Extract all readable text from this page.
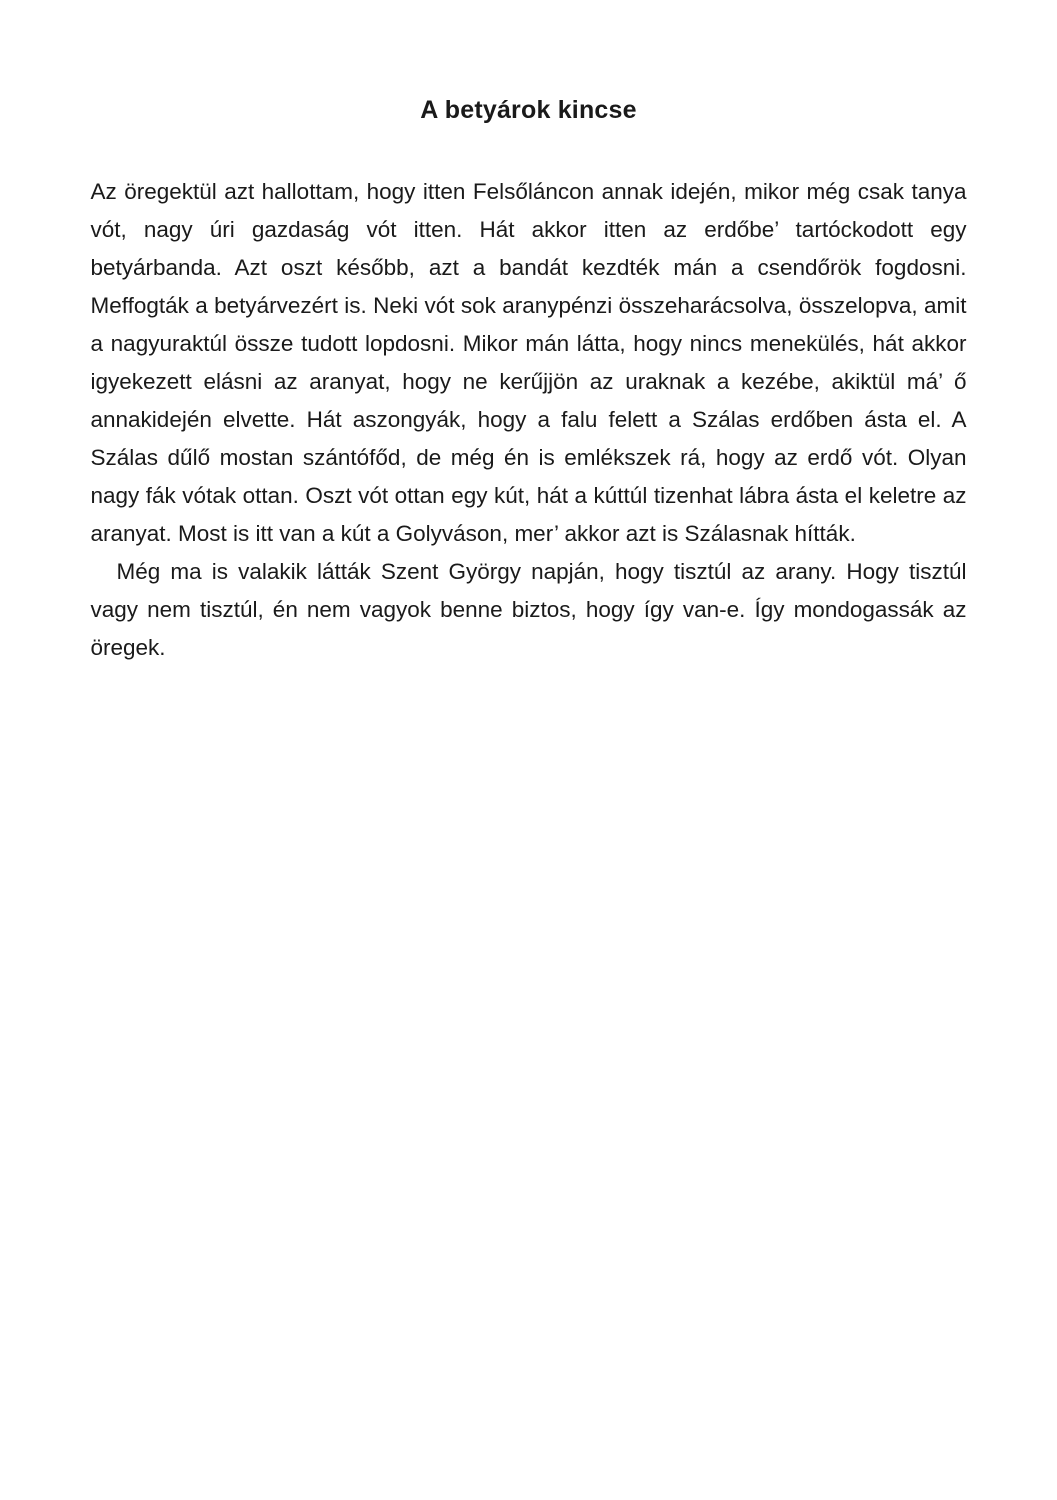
A betyárok kincse

Az öregektül azt hallottam, hogy itten Felsőláncon annak idején, mikor még csak tanya vót, nagy úri gazdaság vót itten. Hát akkor itten az erdőbe’ tartóckodott egy betyárbanda. Azt oszt később, azt a bandát kezdték mán a csendőrök fogdosni. Meffogták a betyárvezért is. Neki vót sok aranypénzi összeharácsolva, összelopva, amit a nagyuraktúl össze tudott lopdosni. Mikor mán látta, hogy nincs menekülés, hát akkor igyekezett elásni az aranyat, hogy ne kerűjjön az uraknak a kezébe, akiktül má’ ő annakidején elvette. Hát aszongyák, hogy a falu felett a Szálas erdőben ásta el. A Szálas dűlő mostan szántófőd, de még én is emlékszek rá, hogy az erdő vót. Olyan nagy fák vótak ottan. Oszt vót ottan egy kút, hát a kúttúl tizenhat lábra ásta el keletre az aranyat. Most is itt van a kút a Golyváson, mer’ akkor azt is Szálasnak hítták.

Még ma is valakik látták Szent György napján, hogy tisztúl az arany. Hogy tisztúl vagy nem tisztúl, én nem vagyok benne biztos, hogy így van-e. Így mondogassák az öregek.
